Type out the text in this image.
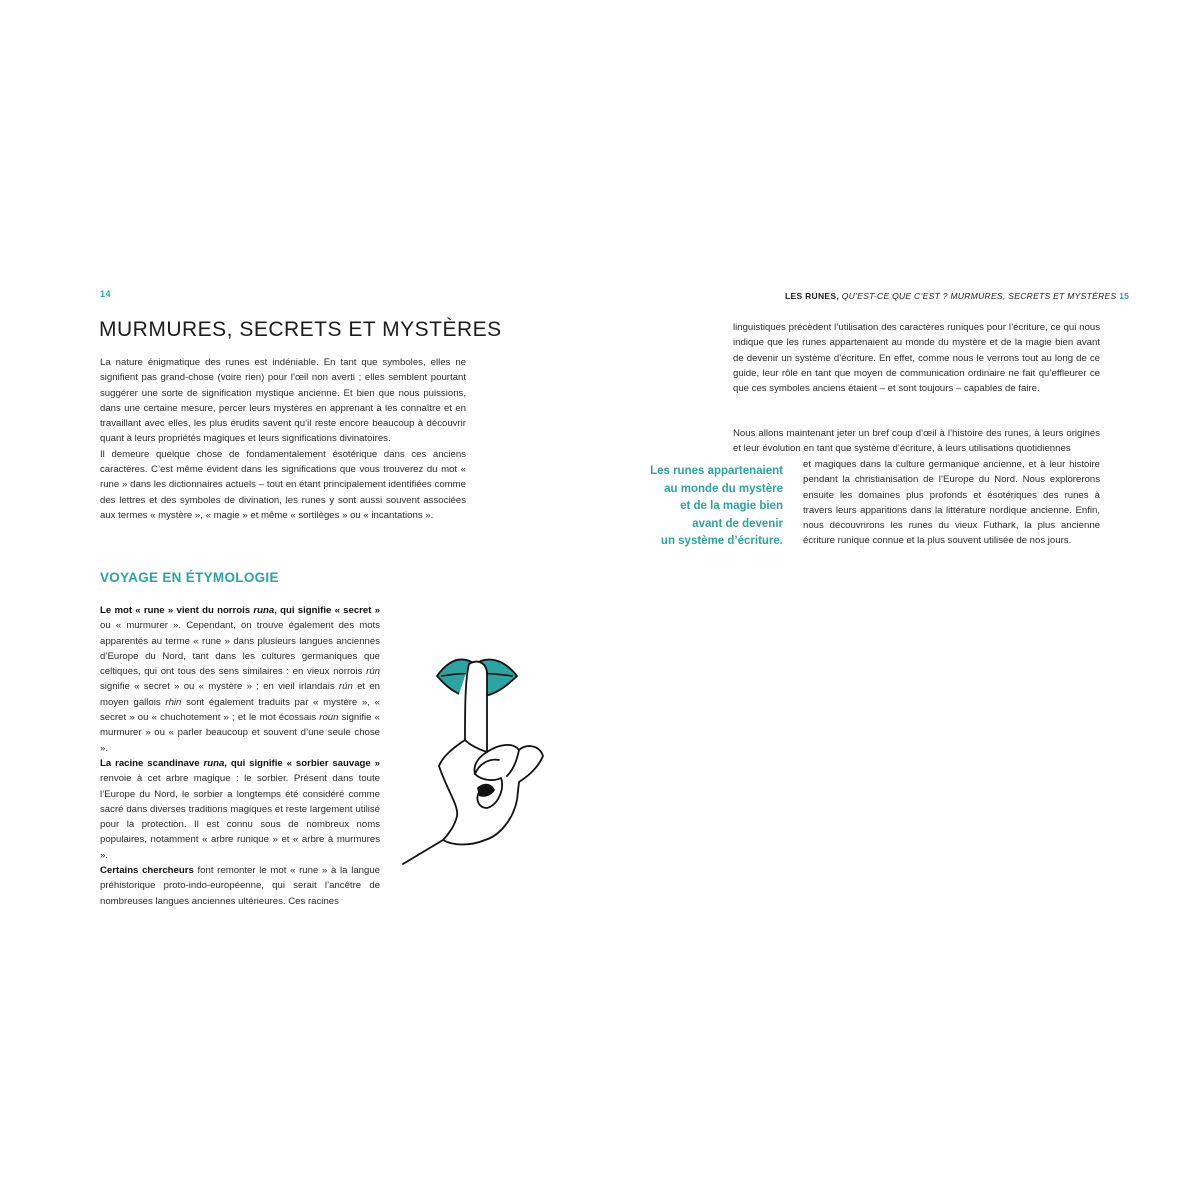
14
MURMURES, SECRETS ET MYSTÈRES

La nature énigmatique des runes est indéniable. En tant que symboles, elles ne signifient pas grand-chose (voire rien) pour l’œil non averti ; elles semblent pourtant suggérer une sorte de signification mystique ancienne. Et bien que nous puissions, dans une certaine mesure, percer leurs mystères en apprenant à les connaître et en travaillant avec elles, les plus érudits savent qu’il reste encore beaucoup à découvrir quant à leurs propriétés magiques et leurs significations divinatoires.

Il demeure quelque chose de fondamentalement ésotérique dans ces anciens caractères. C’est même évident dans les significations que vous trouverez du mot « rune » dans les dictionnaires actuels – tout en étant principalement identifiées comme des lettres et des symboles de divination, les runes y sont aussi souvent associées aux termes « mystère », « magie » et même « sortilèges » ou « incantations ».

VOYAGE EN ÉTYMOLOGIE

Le mot « rune » vient du norrois runa, qui signifie « secret » ou « murmurer ». Cependant, on trouve également des mots apparentés au terme « rune » dans plusieurs langues anciennes d’Europe du Nord, tant dans les cultures germaniques que celtiques, qui ont tous des sens similaires : en vieux norrois rún signifie « secret » ou « mystère » ; en vieil irlandais rún et en moyen gallois rhin sont également traduits par « mystère », « secret » ou « chuchotement » ; et le mot écossais roun signifie « murmurer » ou « parler beaucoup et souvent d’une seule chose ».

La racine scandinave runa, qui signifie « sorbier sauvage » renvoie à cet arbre magique : le sorbier. Présent dans toute l’Europe du Nord, le sorbier a longtemps été considéré comme sacré dans diverses traditions magiques et reste largement utilisé pour la protection. Il est connu sous de nombreux noms populaires, notamment « arbre runique » et « arbre à murmures ».

Certains chercheurs font remonter le mot « rune » à la langue préhistorique proto-indo-européenne, qui serait l’ancêtre de nombreuses langues anciennes ultérieures. Ces racines

LES RUNES, QU’EST-CE QUE C’EST ? MURMURES, SECRETS ET MYSTÈRES 15

linguistiques précèdent l’utilisation des caractères runiques pour l’écriture, ce qui nous indique que les runes appartenaient au monde du mystère et de la magie bien avant de devenir un système d’écriture. En effet, comme nous le verrons tout au long de ce guide, leur rôle en tant que moyen de communication ordinaire ne fait qu’effleurer ce que ces symboles anciens étaient – et sont toujours – capables de faire.

Nous allons maintenant jeter un bref coup d’œil à l’histoire des runes, à leurs origines et leur évolution en tant que système d’écriture, à leurs utilisations quotidiennes

et magiques dans la culture germanique ancienne, et à leur histoire pendant la christianisation de l’Europe du Nord. Nous explorerons ensuite les domaines plus profonds et ésotériques des runes à travers leurs apparitions dans la littérature nordique ancienne. Enfin, nous découvrirons les runes du vieux Futhark, la plus ancienne écriture runique connue et la plus souvent utilisée de nos jours.

Les runes appartenaient
au monde du mystère
et de la magie bien
avant de devenir
un système d’écriture.
